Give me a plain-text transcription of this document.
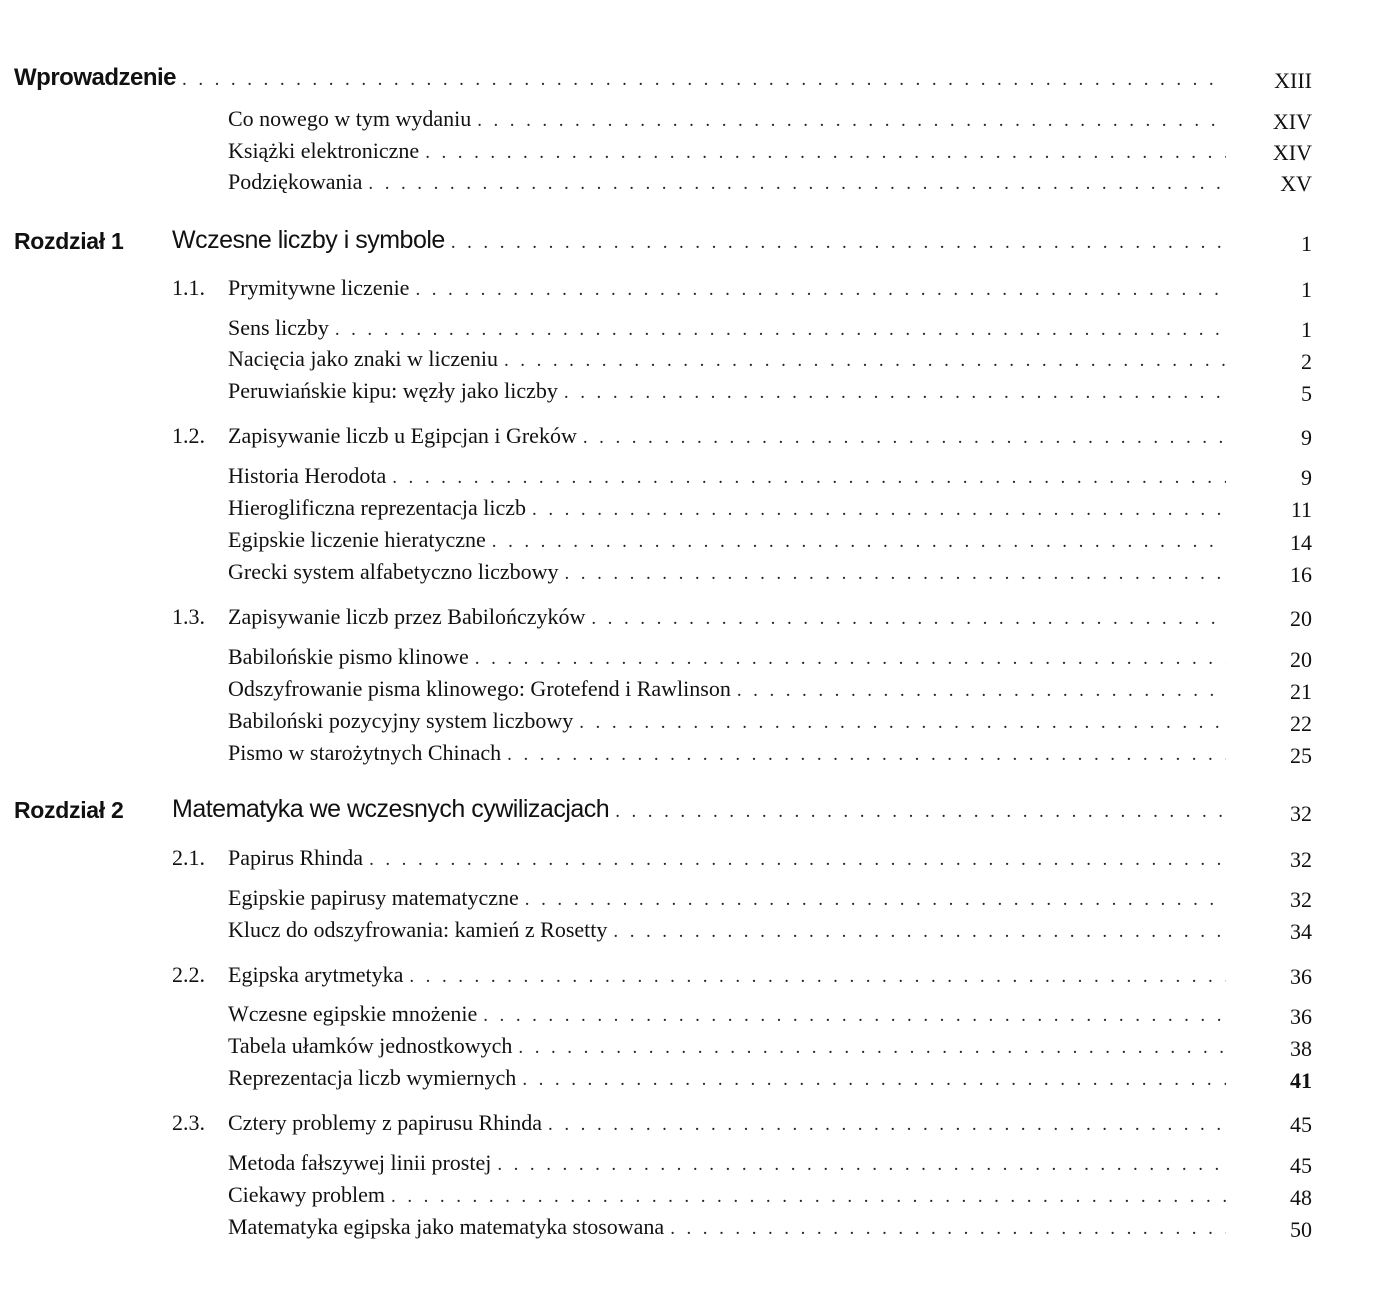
Wprowadzenie . . .	XIII
Co nowego w tym wydaniu . . .	XIV
Książki elektroniczne . . .	XIV
Podziękowania . . .	XV
Rozdział 1 Wczesne liczby i symbole . . .	1
1.1. Prymitywne liczenie . . .	1
Sens liczby . . .	1
Nacięcia jako znaki w liczeniu . . .	2
Peruwiańskie kipu: węzły jako liczby . . .	5
1.2. Zapisywanie liczb u Egipcjan i Greków . . .	9
Historia Herodota . . .	9
Hieroglificzna reprezentacja liczb . . .	11
Egipskie liczenie hieratyczne . . .	14
Grecki system alfabetyczno liczbowy . . .	16
1.3. Zapisywanie liczb przez Babilończyków . . .	20
Babilońskie pismo klinowe . . .	20
Odszyfrowanie pisma klinowego: Grotefend i Rawlinson . . .	21
Babiloński pozycyjny system liczbowy . . .	22
Pismo w starożytnych Chinach . . .	25
Rozdział 2 Matematyka we wczesnych cywilizacjach . . .	32
2.1. Papirus Rhinda . . .	32
Egipskie papirusy matematyczne . . .	32
Klucz do odszyfrowania: kamień z Rosetty . . .	34
2.2. Egipska arytmetyka . . .	36
Wczesne egipskie mnożenie . . .	36
Tabela ułamków jednostkowych . . .	38
Reprezentacja liczb wymiernych . . .	41
2.3. Cztery problemy z papirusu Rhinda . . .	45
Metoda fałszywej linii prostej . . .	45
Ciekawy problem . . .	48
Matematyka egipska jako matematyka stosowana . . .	50
